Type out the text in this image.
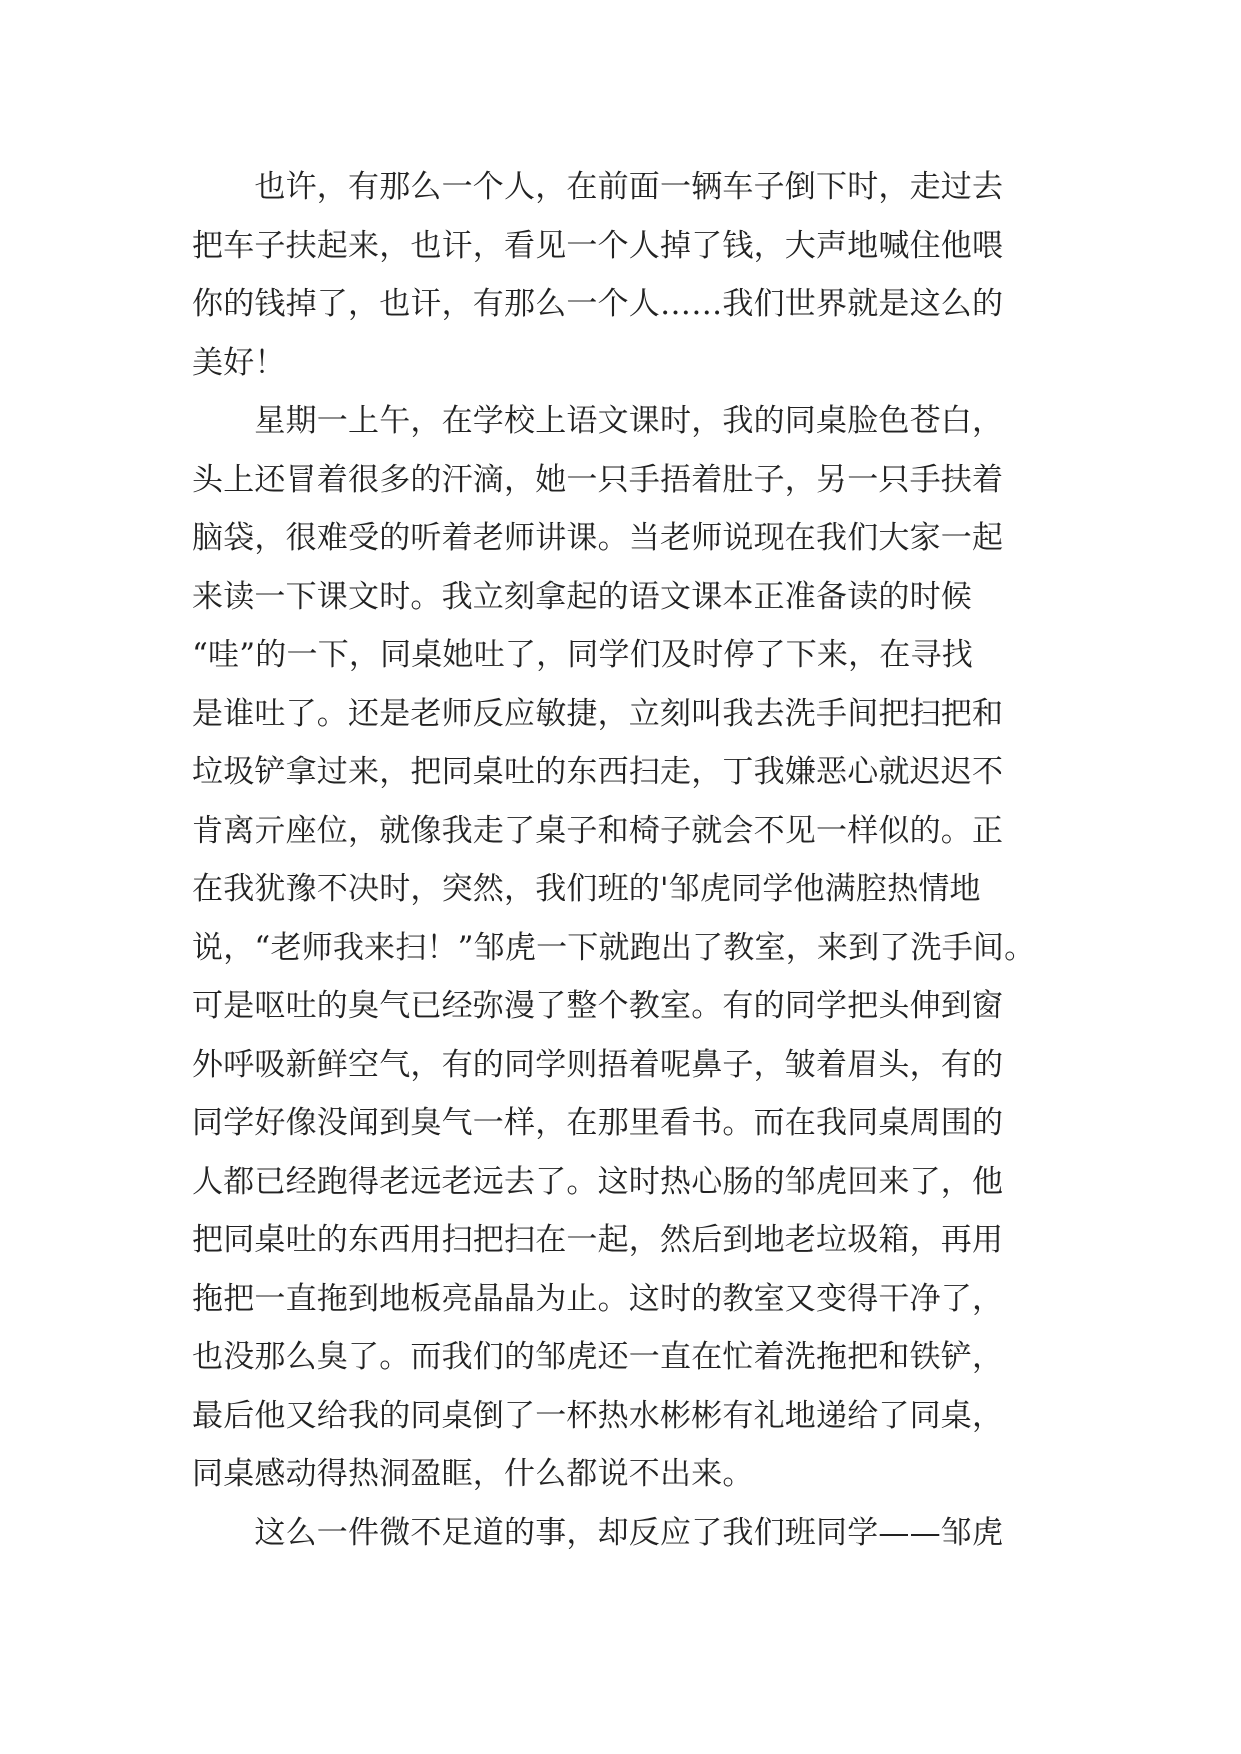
　　也许，有那么一个人，在前面一辆车子倒下时，走过去
把车子扶起来，也讦，看见一个人掉了钱，大声地喊住他喂
你的钱掉了，也讦，有那么一个人……我们世界就是这么的
美好！
　　星期一上午，在学校上语文课时，我的同桌脸色苍白，
头上还冒着很多的汗滴，她一只手捂着肚子，另一只手扶着
脑袋，很难受的听着老师讲课。当老师说现在我们大家一起
来读一下课文时。我立刻拿起的语文课本正准备读的时候
“哇”的一下，同桌她吐了，同学们及时停了下来，在寻找
是谁吐了。还是老师反应敏捷，立刻叫我去洗手间把扫把和
垃圾铲拿过来，把同桌吐的东西扫走，丁我嫌恶心就迟迟不
肯离亓座位，就像我走了桌子和椅子就会不见一样似的。正
在我犹豫不决时，突然，我们班的'邹虎同学他满腔热情地
说，“老师我来扫！”邹虎一下就跑出了教室，来到了洗手间。
可是呕吐的臭气已经弥漫了整个教室。有的同学把头伸到窗
外呼吸新鲜空气，有的同学则捂着呢鼻子，皱着眉头，有的
同学好像没闻到臭气一样，在那里看书。而在我同桌周围的
人都已经跑得老远老远去了。这时热心肠的邹虎回来了，他
把同桌吐的东西用扫把扫在一起，然后到地老垃圾箱，再用
拖把一直拖到地板亮晶晶为止。这时的教室又变得干净了，
也没那么臭了。而我们的邹虎还一直在忙着洗拖把和铁铲，
最后他又给我的同桌倒了一杯热水彬彬有礼地递给了同桌，
同桌感动得热洞盈眶，什么都说不出来。
　　这么一件微不足道的事，却反应了我们班同学——邹虎
